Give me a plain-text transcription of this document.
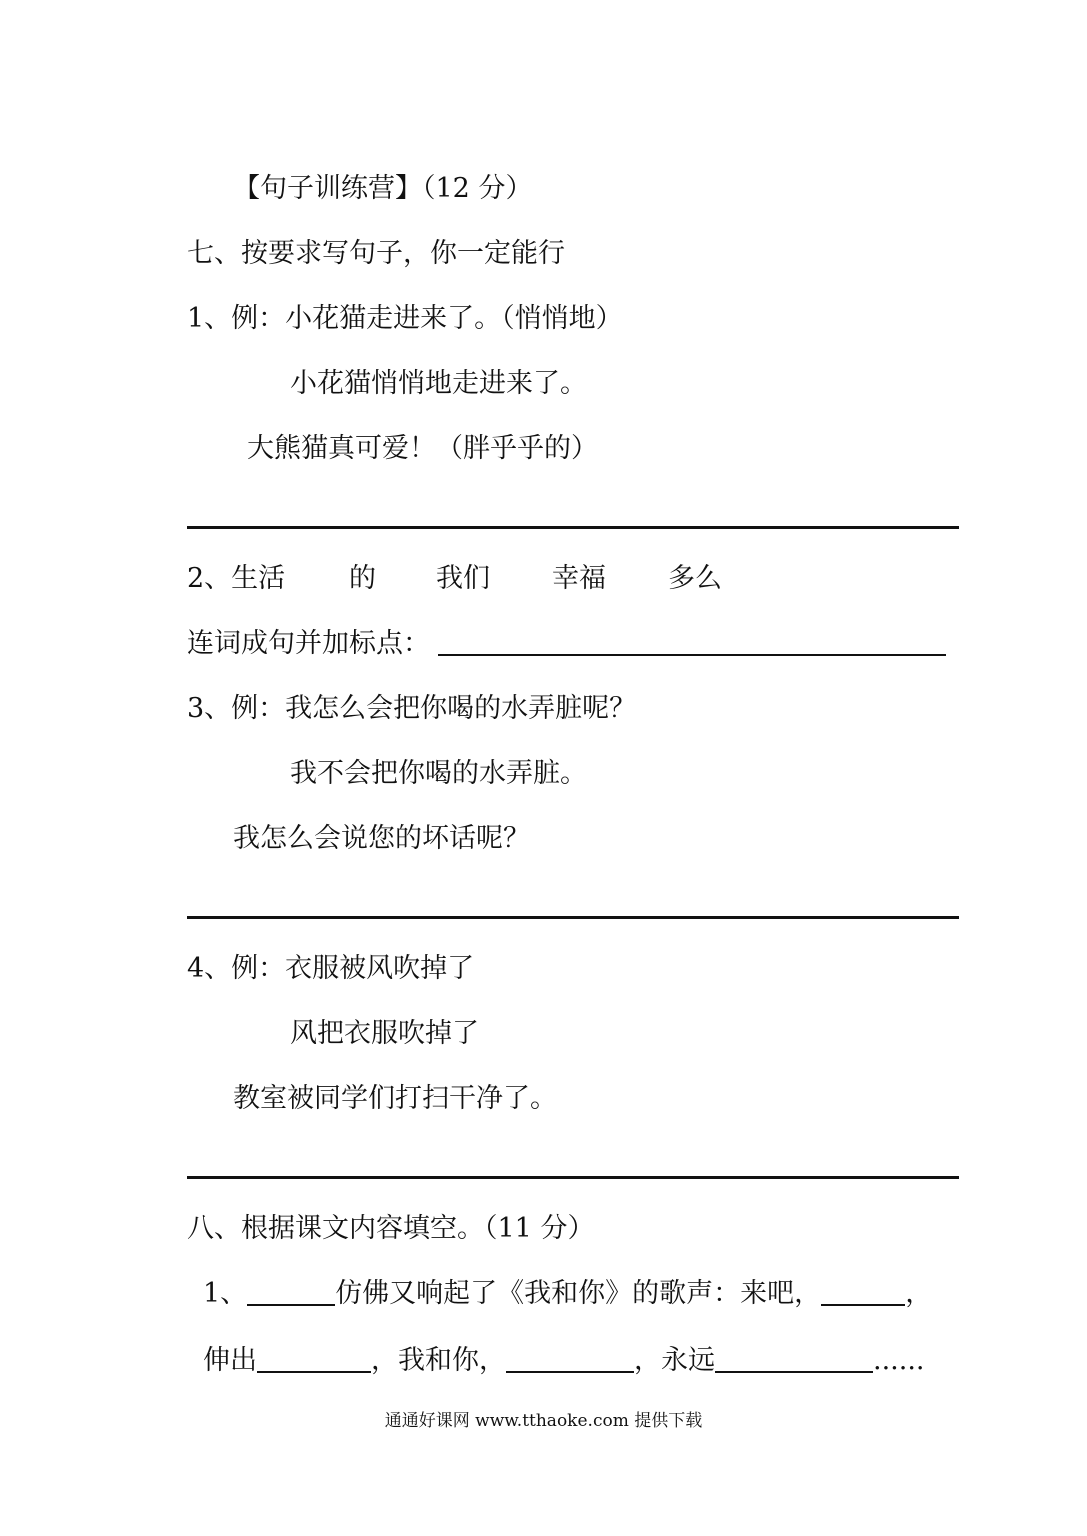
【句子训练营】（12 分）
七、按要求写句子，你一定能行
1、例：小花猫走进来了。（悄悄地）
小花猫悄悄地走进来了。
大熊猫真可爱！（胖乎乎的）
2、生活 的 我们 幸福 多么
连词成句并加标点：
3、例：我怎么会把你喝的水弄脏呢？
我不会把你喝的水弄脏。
我怎么会说您的坏话呢？
4、例：衣服被风吹掉了
风把衣服吹掉了
教室被同学们打扫干净了。
八、根据课文内容填空。（11 分）
1、	仿佛又响起了《我和你》的歌声：来吧，	，
伸出	，我和你，	，永远	......
通通好课网 www.tthaoke.com 提供下载
